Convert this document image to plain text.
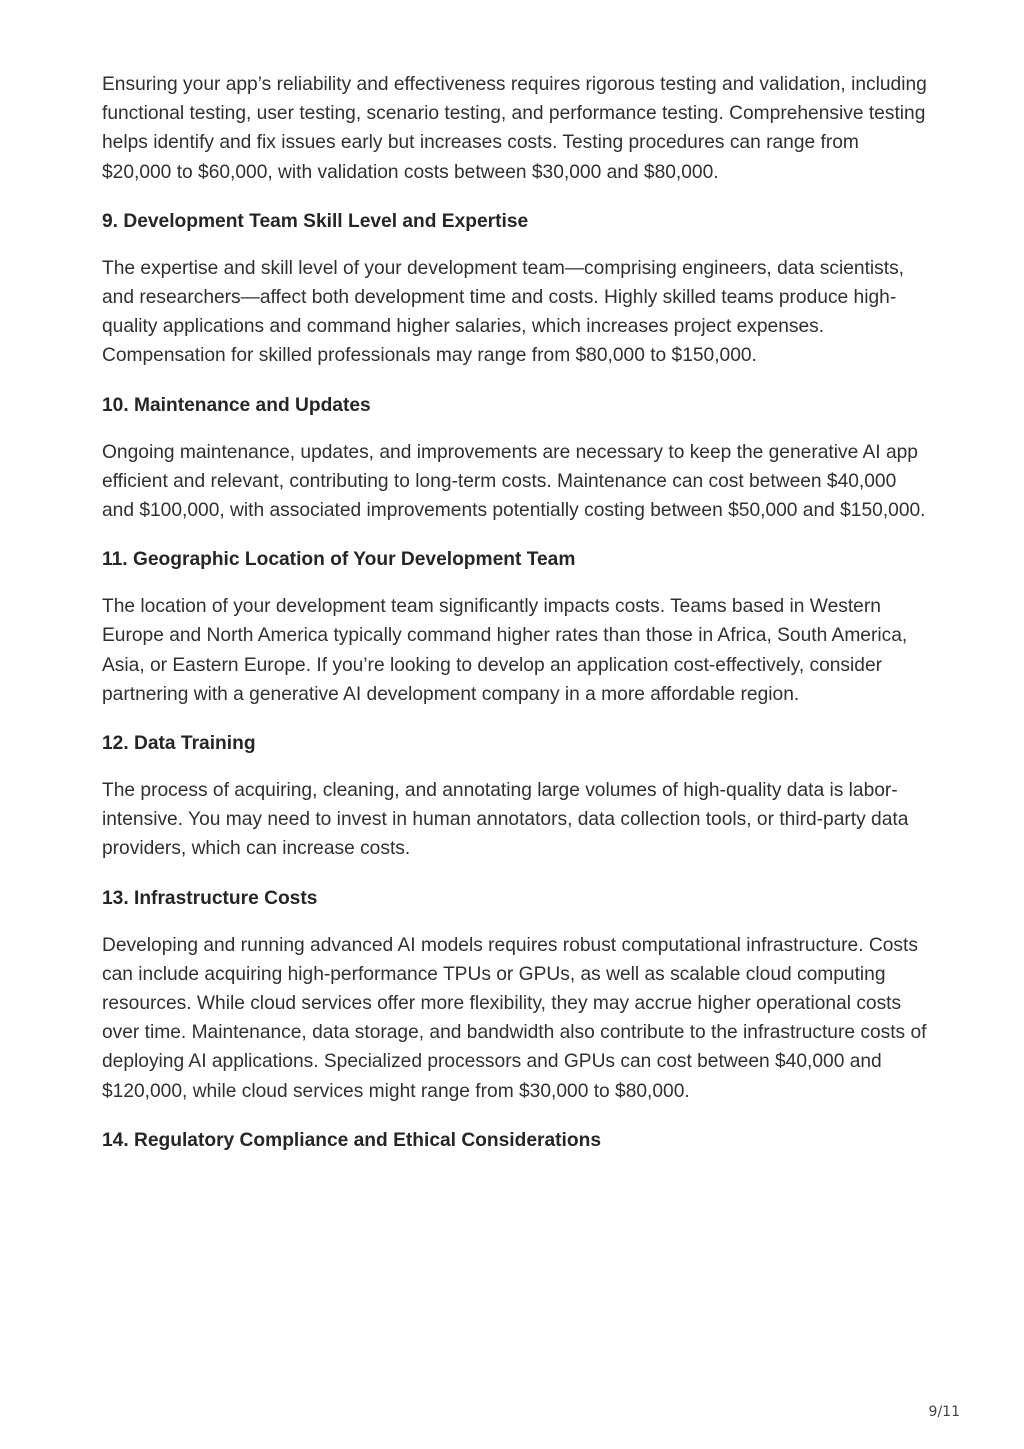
Ensuring your app’s reliability and effectiveness requires rigorous testing and validation, including functional testing, user testing, scenario testing, and performance testing. Comprehensive testing helps identify and fix issues early but increases costs. Testing procedures can range from $20,000 to $60,000, with validation costs between $30,000 and $80,000.

9. Development Team Skill Level and Expertise

The expertise and skill level of your development team—comprising engineers, data scientists, and researchers—affect both development time and costs. Highly skilled teams produce high-quality applications and command higher salaries, which increases project expenses. Compensation for skilled professionals may range from $80,000 to $150,000.

10. Maintenance and Updates

Ongoing maintenance, updates, and improvements are necessary to keep the generative AI app efficient and relevant, contributing to long-term costs. Maintenance can cost between $40,000 and $100,000, with associated improvements potentially costing between $50,000 and $150,000.

11. Geographic Location of Your Development Team

The location of your development team significantly impacts costs. Teams based in Western Europe and North America typically command higher rates than those in Africa, South America, Asia, or Eastern Europe. If you’re looking to develop an application cost-effectively, consider partnering with a generative AI development company in a more affordable region.

12. Data Training

The process of acquiring, cleaning, and annotating large volumes of high-quality data is labor-intensive. You may need to invest in human annotators, data collection tools, or third-party data providers, which can increase costs.

13. Infrastructure Costs

Developing and running advanced AI models requires robust computational infrastructure. Costs can include acquiring high-performance TPUs or GPUs, as well as scalable cloud computing resources. While cloud services offer more flexibility, they may accrue higher operational costs over time. Maintenance, data storage, and bandwidth also contribute to the infrastructure costs of deploying AI applications. Specialized processors and GPUs can cost between $40,000 and $120,000, while cloud services might range from $30,000 to $80,000.

14. Regulatory Compliance and Ethical Considerations
9/11
